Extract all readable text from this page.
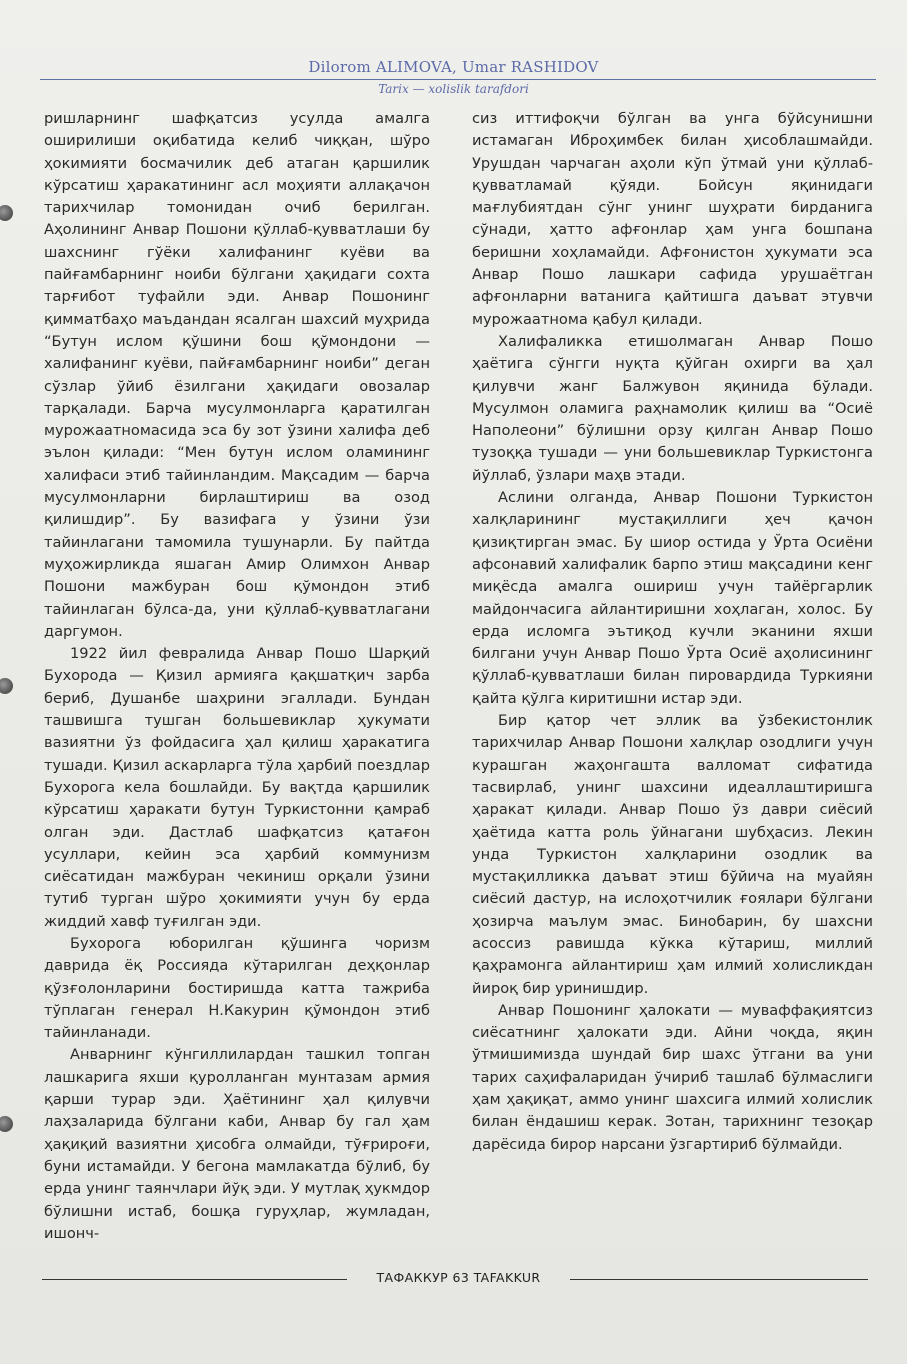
Dilorom ALIMOVA, Umar RASHIDOV
Tarix — xolislik tarafdori

ришларнинг шафқатсиз усулда амалга оширилиши оқибатида келиб чиққан, шўро ҳокимияти босмачилик деб атаган қаршилик кўрсатиш ҳаракатининг асл моҳияти аллақачон тарихчилар томонидан очиб берилган. Аҳолининг Анвар Пошони қўллаб-қувватлаши бу шахснинг гўёки халифанинг куёви ва пайғамбарнинг ноиби бўлгани ҳақидаги сохта тарғибот туфайли эди. Анвар Пошонинг қимматбаҳо маъдандан ясалган шахсий муҳрида “Бутун ислом қўшини бош қўмондони — халифанинг куёви, пайғамбарнинг ноиби” деган сўзлар ўйиб ёзилгани ҳақидаги овозалар тарқалади. Барча мусулмонларга қаратилган мурожаатномасида эса бу зот ўзини халифа деб эълон қилади: “Мен бутун ислом оламининг халифаси этиб тайинландим. Мақсадим — барча мусулмонларни бирлаштириш ва озод қилишдир”. Бу вазифага у ўзини ўзи тайинлагани тамомила тушунарли. Бу пайтда муҳожирликда яшаган Амир Олимхон Анвар Пошони мажбуран бош қўмондон этиб тайинлаган бўлса-да, уни қўллаб-қувватлагани даргумон.

1922 йил февралида Анвар Пошо Шарқий Бухорода — Қизил армияга қақшатқич зарба бериб, Душанбе шаҳрини эгаллади. Бундан ташвишга тушган большевиклар ҳукумати вазиятни ўз фойдасига ҳал қилиш ҳаракатига тушади. Қизил аскарларга тўла ҳарбий поездлар Бухорога кела бошлайди. Бу вақтда қаршилик кўрсатиш ҳаракати бутун Туркистонни қамраб олган эди. Дастлаб шафқатсиз қатағон усуллари, кейин эса ҳарбий коммунизм сиёсатидан мажбуран чекиниш орқали ўзини тутиб турган шўро ҳокимияти учун бу ерда жиддий хавф туғилган эди.

Бухорога юборилган қўшинга чоризм даврида ёқ Россияда кўтарилган деҳқонлар қўзғолонларини бостиришда катта тажриба тўплаган генерал Н.Какурин қўмондон этиб тайинланади.

Анварнинг кўнгиллилардан ташкил топган лашкарига яхши қуролланган мунтазам армия қарши турар эди. Ҳаётининг ҳал қилувчи лаҳзаларида бўлгани каби, Анвар бу гал ҳам ҳақиқий вазиятни ҳисобга олмайди, тўғрироғи, буни истамайди. У бегона мамлакатда бўлиб, бу ерда унинг таянчлари йўқ эди. У мутлақ ҳукмдор бўлишни истаб, бошқа гуруҳлар, жумладан, ишонч-

сиз иттифоқчи бўлган ва унга бўйсунишни истамаган Иброҳимбек билан ҳисоблашмайди. Урушдан чарчаган аҳоли кўп ўтмай уни қўллаб-қувватламай қўяди. Бойсун яқинидаги мағлубиятдан сўнг унинг шуҳрати бирданига сўнади, ҳатто афғонлар ҳам унга бошпана беришни хоҳламайди. Афғонистон ҳукумати эса Анвар Пошо лашкари сафида урушаётган афғонларни ватанига қайтишга даъват этувчи мурожаатнома қабул қилади.

Халифаликка етишолмаган Анвар Пошо ҳаётига сўнгги нуқта қўйган охирги ва ҳал қилувчи жанг Балжувон яқинида бўлади. Мусулмон оламига раҳнамолик қилиш ва “Осиё Наполеони” бўлишни орзу қилган Анвар Пошо тузоққа тушади — уни большевиклар Туркистонга йўллаб, ўзлари маҳв этади.

Аслини олганда, Анвар Пошони Туркистон халқларининг мустақиллиги ҳеч қачон қизиқтирган эмас. Бу шиор остида у Ўрта Осиёни афсонавий халифалик барпо этиш мақсадини кенг миқёсда амалга ошириш учун тайёргарлик майдончасига айлантиришни хоҳлаган, холос. Бу ерда исломга эътиқод кучли эканини яхши билгани учун Анвар Пошо Ўрта Осиё аҳолисининг қўллаб-қувватлаши билан пировардида Туркияни қайта қўлга киритишни истар эди.

Бир қатор чет эллик ва ўзбекистонлик тарихчилар Анвар Пошони халқлар озодлиги учун курашган жаҳонгашта валломат сифатида тасвирлаб, унинг шахсини идеаллаштиришга ҳаракат қилади. Анвар Пошо ўз даври сиёсий ҳаётида катта роль ўйнагани шубҳасиз. Лекин унда Туркистон халқларини озодлик ва мустақилликка даъват этиш бўйича на муайян сиёсий дастур, на ислоҳотчилик ғоялари бўлгани ҳозирча маълум эмас. Бинобарин, бу шахсни асоссиз равишда кўкка кўтариш, миллий қаҳрамонга айлантириш ҳам илмий холисликдан йироқ бир уринишдир.

Анвар Пошонинг ҳалокати — муваффақиятсиз сиёсатнинг ҳалокати эди. Айни чоқда, яқин ўтмишимизда шундай бир шахс ўтгани ва уни тарих саҳифаларидан ўчириб ташлаб бўлмаслиги ҳам ҳақиқат, аммо унинг шахсига илмий холислик билан ёндашиш керак. Зотан, тарихнинг тезоқар дарёсида бирор нарсани ўзгартириб бўлмайди.

ТАФАККУР 63 TAFAKKUR
